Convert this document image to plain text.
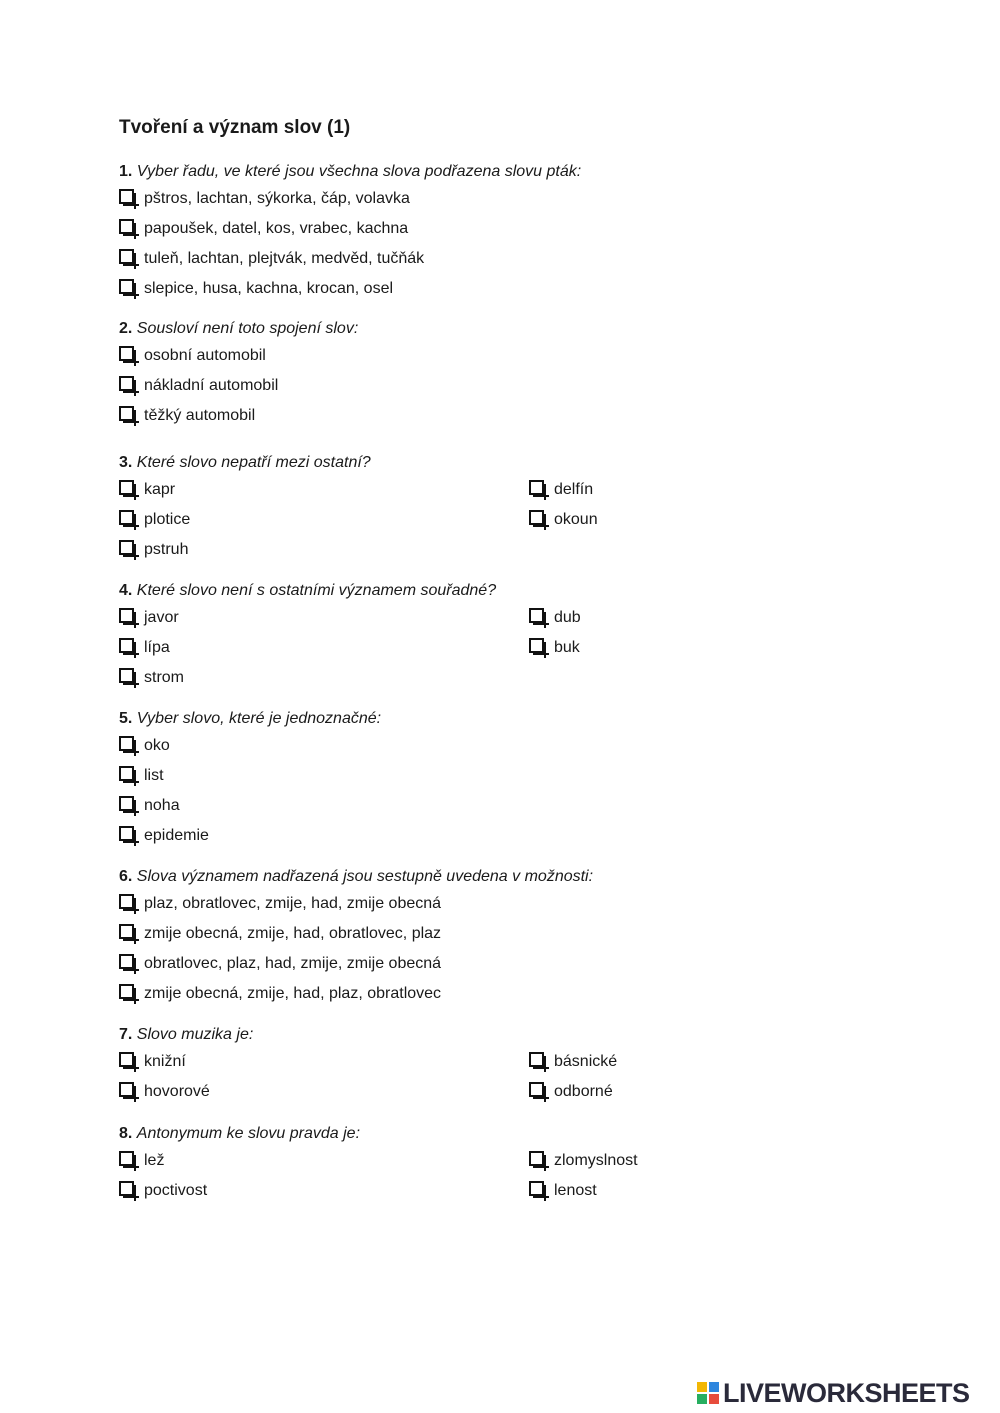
Tvoření a význam slov (1)
1. Vyber řadu, ve které jsou všechna slova podřazena slovu pták:
pštros, lachtan, sýkorka, čáp, volavka
papoušek, datel, kos, vrabec, kachna
tuleň, lachtan, plejtvák, medvěd, tučňák
slepice, husa, kachna, krocan, osel
2. Sousloví není toto spojení slov:
osobní automobil
nákladní automobil
těžký automobil
3. Které slovo nepatří mezi ostatní?
kapr	delfín
plotice	okoun
pstruh
4. Které slovo není s ostatními významem souřadné?
javor	dub
lípa	buk
strom
5. Vyber slovo, které je jednoznačné:
oko
list
noha
epidemie
6. Slova významem nadřazená jsou sestupně uvedena v možnosti:
plaz, obratlovec, zmije, had, zmije obecná
zmije obecná, zmije, had, obratlovec, plaz
obratlovec, plaz, had, zmije, zmije obecná
zmije obecná, zmije, had, plaz, obratlovec
7. Slovo muzika je:
knižní	básnické
hovorové	odborné
8. Antonymum ke slovu pravda je:
lež	zlomyslnost
poctivost	lenost
LIVEWORKSHEETS
